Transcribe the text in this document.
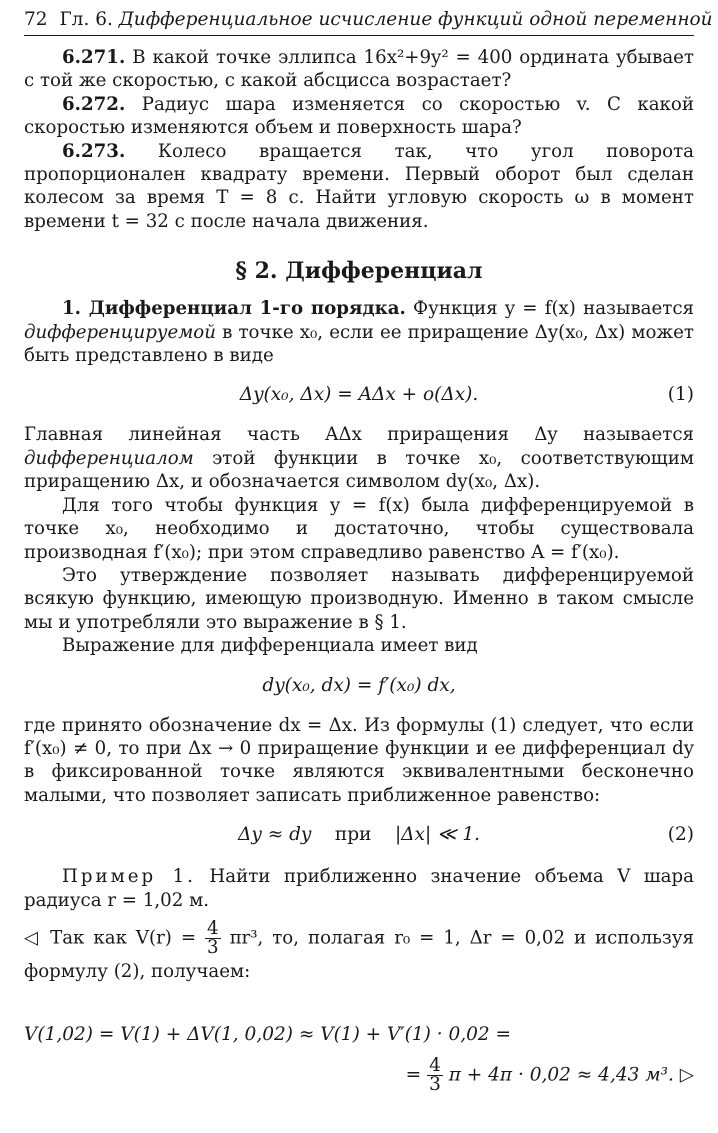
72 Гл. 6. Дифференциальное исчисление функций одной переменной

6.271. В какой точке эллипса 16x²+9y² = 400 ордината убывает с той же скоростью, с какой абсцисса возрастает?

6.272. Радиус шара изменяется со скоростью v. С какой скоростью изменяются объем и поверхность шара?

6.273. Колесо вращается так, что угол поворота пропорционален квадрату времени. Первый оборот был сделан колесом за время T = 8 с. Найти угловую скорость ω в момент времени t = 32 с после начала движения.

§ 2. Дифференциал

1. Дифференциал 1-го порядка. Функция y = f(x) называется дифференцируемой в точке x₀, если ее приращение Δy(x₀, Δx) может быть представлено в виде

Δy(x₀, Δx) = AΔx + o(Δx).	(1)

Главная линейная часть AΔx приращения Δy называется дифференциалом этой функции в точке x₀, соответствующим приращению Δx, и обозначается символом dy(x₀, Δx).

Для того чтобы функция y = f(x) была дифференцируемой в точке x₀, необходимо и достаточно, чтобы существовала производная f′(x₀); при этом справедливо равенство A = f′(x₀).

Это утверждение позволяет называть дифференцируемой всякую функцию, имеющую производную. Именно в таком смысле мы и употребляли это выражение в § 1.

Выражение для дифференциала имеет вид

dy(x₀, dx) = f′(x₀) dx,

где принято обозначение dx = Δx. Из формулы (1) следует, что если f′(x₀) ≠ 0, то при Δx → 0 приращение функции и ее дифференциал dy в фиксированной точке являются эквивалентными бесконечно малыми, что позволяет записать приближенное равенство:

Δy ≈ dy при |Δx| ≪ 1.	(2)

Пример 1. Найти приближенно значение объема V шара радиуса r = 1,02 м.

◁ Так как $V(r) = \frac{4}{3} \pi r^3$, то, полагая r₀ = 1, Δr = 0,02 и используя формулу (2), получаем:

V(1,02) = V(1) + ΔV(1, 0,02) ≈ V(1) + V′(1) · 0,02 =
= $\frac{4}{3}$ π + 4π · 0,02 ≈ 4,43 м³. ▷
